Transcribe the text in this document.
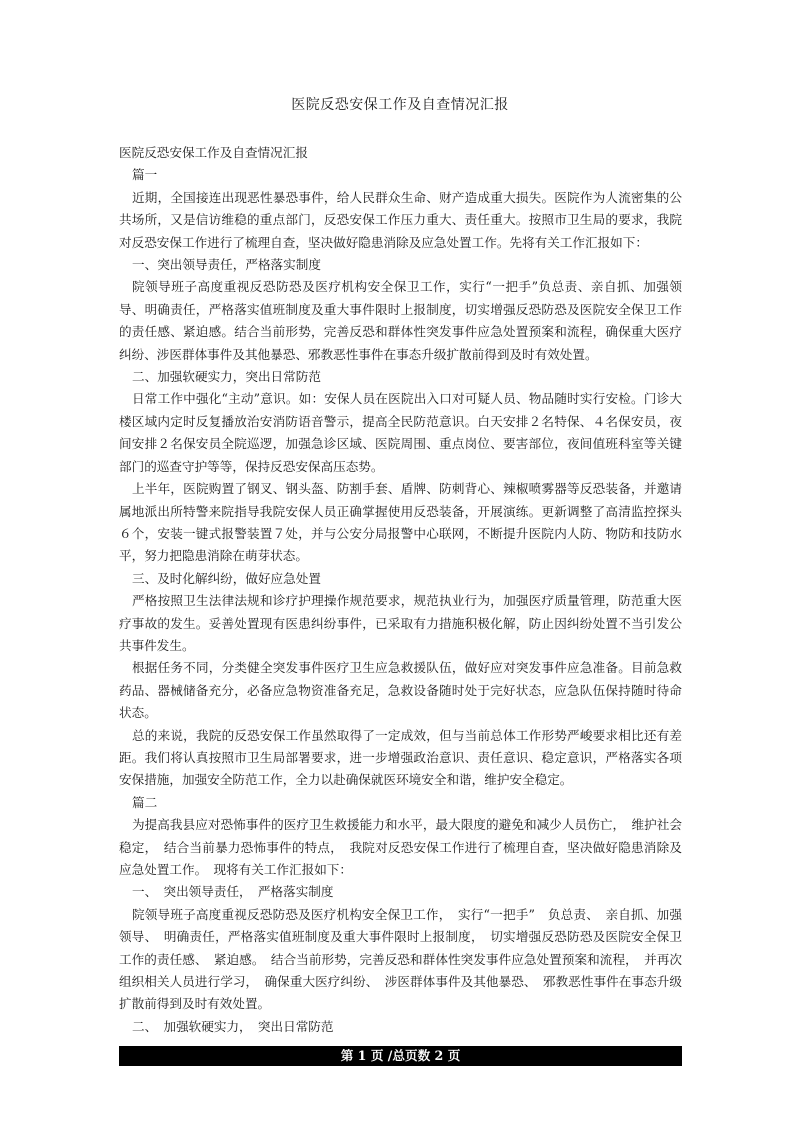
医院反恐安保工作及自查情况汇报

医院反恐安保工作及自查情况汇报

篇一

近期，全国接连出现恶性暴恐事件，给人民群众生命、财产造成重大损失。医院作为人流密集的公共场所，又是信访维稳的重点部门，反恐安保工作压力重大、责任重大。按照市卫生局的要求，我院对反恐安保工作进行了梳理自查，坚决做好隐患消除及应急处置工作。先将有关工作汇报如下：

一、突出领导责任，严格落实制度

院领导班子高度重视反恐防恐及医疗机构安全保卫工作，实行“一把手”负总责、亲自抓、加强领导、明确责任，严格落实值班制度及重大事件限时上报制度，切实增强反恐防恐及医院安全保卫工作的责任感、紧迫感。结合当前形势，完善反恐和群体性突发事件应急处置预案和流程，确保重大医疗纠纷、涉医群体事件及其他暴恐、邪教恶性事件在事态升级扩散前得到及时有效处置。

二、加强软硬实力，突出日常防范

日常工作中强化“主动”意识。如：安保人员在医院出入口对可疑人员、物品随时实行安检。门诊大楼区域内定时反复播放治安消防语音警示，提高全民防范意识。白天安排２名特保、４名保安员，夜间安排２名保安员全院巡逻，加强急诊区域、医院周围、重点岗位、要害部位，夜间值班科室等关键部门的巡查守护等等，保持反恐安保高压态势。

上半年，医院购置了钢叉、钢头盔、防割手套、盾牌、防刺背心、辣椒喷雾器等反恐装备，并邀请属地派出所特警来院指导我院安保人员正确掌握使用反恐装备，开展演练。更新调整了高清监控探头６个，安装一键式报警装置７处，并与公安分局报警中心联网，不断提升医院内人防、物防和技防水平，努力把隐患消除在萌芽状态。

三、及时化解纠纷，做好应急处置

严格按照卫生法律法规和诊疗护理操作规范要求，规范执业行为，加强医疗质量管理，防范重大医疗事故的发生。妥善处置现有医患纠纷事件，已采取有力措施积极化解，防止因纠纷处置不当引发公共事件发生。

根据任务不同，分类健全突发事件医疗卫生应急救援队伍，做好应对突发事件应急准备。目前急救药品、器械储备充分，必备应急物资准备充足，急救设备随时处于完好状态，应急队伍保持随时待命状态。

总的来说，我院的反恐安保工作虽然取得了一定成效，但与当前总体工作形势严峻要求相比还有差距。我们将认真按照市卫生局部署要求，进一步增强政治意识、责任意识、稳定意识，严格落实各项安保措施，加强安全防范工作，全力以赴确保就医环境安全和谐，维护安全稳定。

篇二

为提高我县应对恐怖事件的医疗卫生救援能力和水平，最大限度的避免和减少人员伤亡，　维护社会稳定，　结合当前暴力恐怖事件的特点，　我院对反恐安保工作进行了梳理自查，坚决做好隐患消除及应急处置工作。　现将有关工作汇报如下：

一、　突出领导责任，　严格落实制度

院领导班子高度重视反恐防恐及医疗机构安全保卫工作，　实行“一把手”　负总责、　亲自抓、加强领导、　明确责任，严格落实值班制度及重大事件限时上报制度，　切实增强反恐防恐及医院安全保卫工作的责任感、　紧迫感。　结合当前形势，完善反恐和群体性突发事件应急处置预案和流程，　并再次组织相关人员进行学习，　确保重大医疗纠纷、　涉医群体事件及其他暴恐、　邪教恶性事件在事态升级扩散前得到及时有效处置。

二、　加强软硬实力，　突出日常防范

第 1 页 /总页数 2 页
